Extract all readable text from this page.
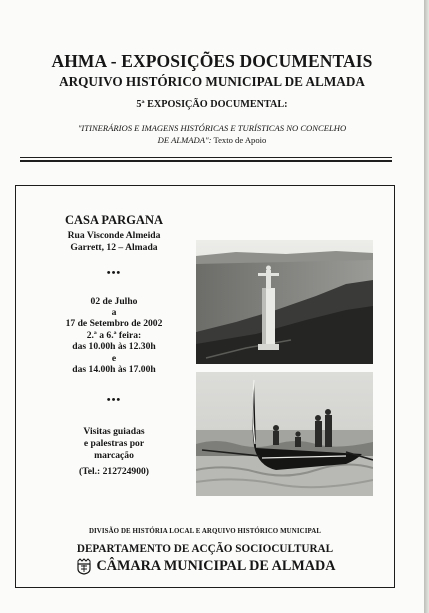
AHMA - EXPOSIÇÕES DOCUMENTAIS
ARQUIVO HISTÓRICO MUNICIPAL DE ALMADA
5ª EXPOSIÇÃO DOCUMENTAL:
"ITINERÁRIOS E IMAGENS HISTÓRICAS E TURÍSTICAS NO CONCELHO
DE ALMADA": Texto de Apoio
CASA PARGANA
Rua Visconde Almeida
Garrett, 12 – Almada
•••
02 de Julho
a
17 de Setembro de 2002
2.ª a 6.ª feira:
das 10.00h às 12.30h
e
das 14.00h às 17.00h
•••
Visitas guiadas
e palestras por
marcação
(Tel.: 212724900)
DIVISÃO DE HISTÓRIA LOCAL E ARQUIVO HISTÓRICO MUNICIPAL
DEPARTAMENTO DE ACÇÃO SOCIOCULTURAL
CÂMARA MUNICIPAL DE ALMADA
